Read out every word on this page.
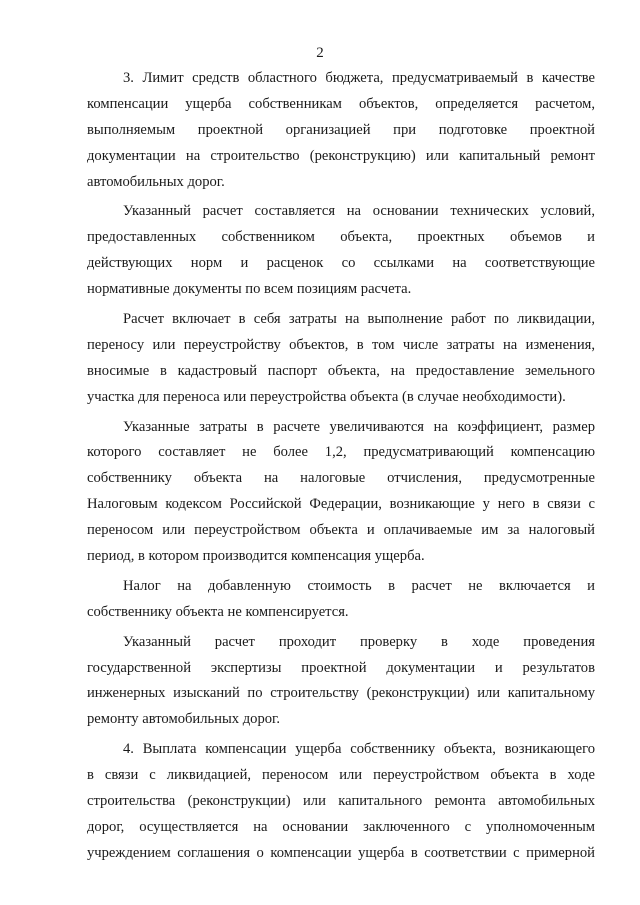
2
3. Лимит средств областного бюджета, предусматриваемый в качестве
компенсации ущерба собственникам объектов, определяется расчетом,
выполняемым проектной организацией при подготовке проектной
документации на строительство (реконструкцию) или капитальный ремонт
автомобильных дорог.
Указанный расчет составляется на основании технических условий,
предоставленных собственником объекта, проектных объемов и
действующих норм и расценок со ссылками на соответствующие
нормативные документы по всем позициям расчета.
Расчет включает в себя затраты на выполнение работ по ликвидации,
переносу или переустройству объектов, в том числе затраты на изменения,
вносимые в кадастровый паспорт объекта, на предоставление земельного
участка для переноса или переустройства объекта (в случае необходимости).
Указанные затраты в расчете увеличиваются на коэффициент, размер
которого составляет не более 1,2, предусматривающий компенсацию
собственнику объекта на налоговые отчисления, предусмотренные
Налоговым кодексом Российской Федерации, возникающие у него в связи с
переносом или переустройством объекта и оплачиваемые им за налоговый
период, в котором производится компенсация ущерба.
Налог на добавленную стоимость в расчет не включается и
собственнику объекта не компенсируется.
Указанный расчет проходит проверку в ходе проведения
государственной экспертизы проектной документации и результатов
инженерных изысканий по строительству (реконструкции) или капитальному
ремонту автомобильных дорог.
4. Выплата компенсации ущерба собственнику объекта, возникающего
в связи с ликвидацией, переносом или переустройством объекта в ходе
строительства (реконструкции) или капитального ремонта автомобильных
дорог, осуществляется на основании заключенного с уполномоченным
учреждением соглашения о компенсации ущерба в соответствии с примерной
